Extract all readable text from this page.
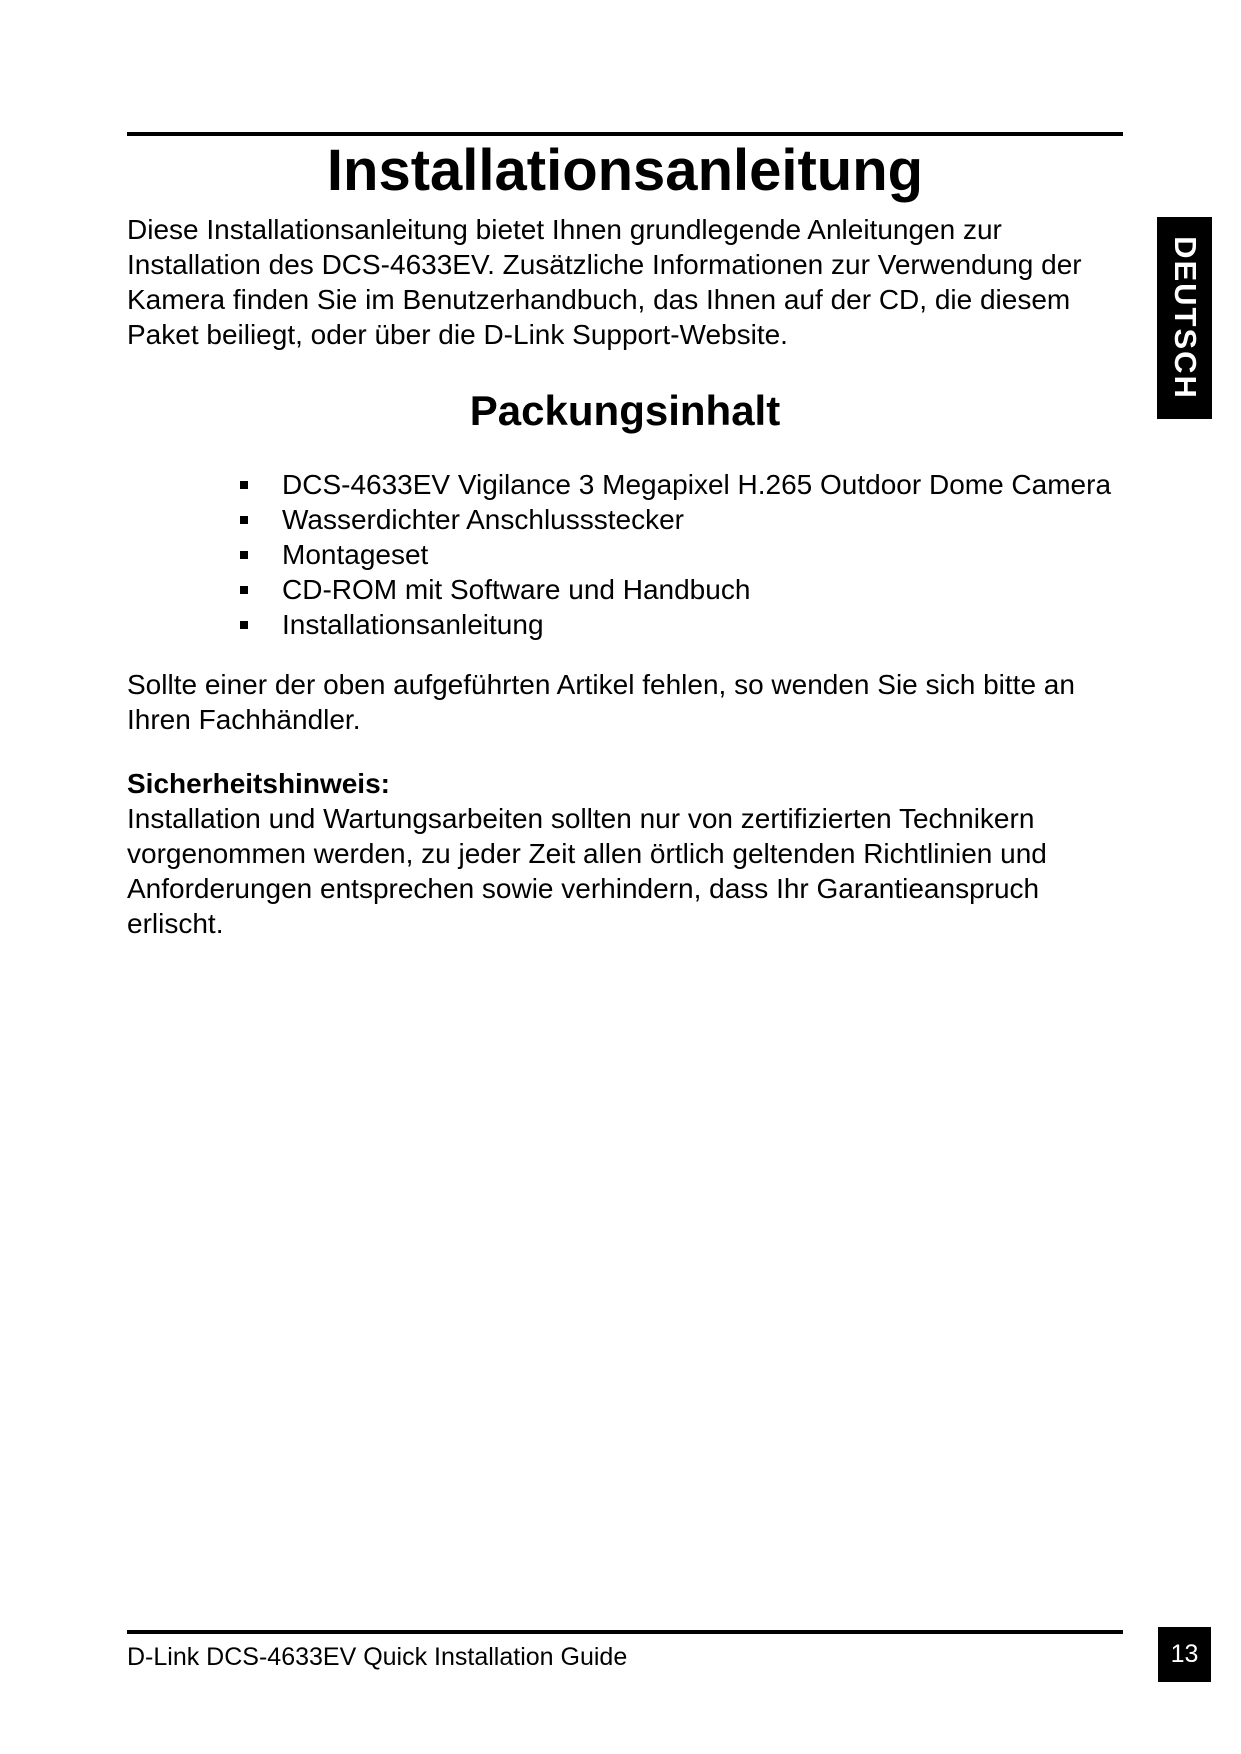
Installationsanleitung

Diese Installationsanleitung bietet Ihnen grundlegende Anleitungen zur Installation des DCS-4633EV. Zusätzliche Informationen zur Verwendung der Kamera finden Sie im Benutzerhandbuch, das Ihnen auf der CD, die diesem Paket beiliegt, oder über die D-Link Support-Website.	DEUTSCH
Packungsinhalt
DCS-4633EV Vigilance 3 Megapixel H.265 Outdoor Dome Camera
Wasserdichter Anschlussstecker
Montageset
CD-ROM mit Software und Handbuch
Installationsanleitung

Sollte einer der oben aufgeführten Artikel fehlen, so wenden Sie sich bitte an Ihren Fachhändler.

Sicherheitshinweis:

Installation und Wartungsarbeiten sollten nur von zertifizierten Technikern vorgenommen werden, zu jeder Zeit allen örtlich geltenden Richtlinien und Anforderungen entsprechen sowie verhindern, dass Ihr Garantieanspruch erlischt.

D-Link DCS-4633EV Quick Installation Guide	13
